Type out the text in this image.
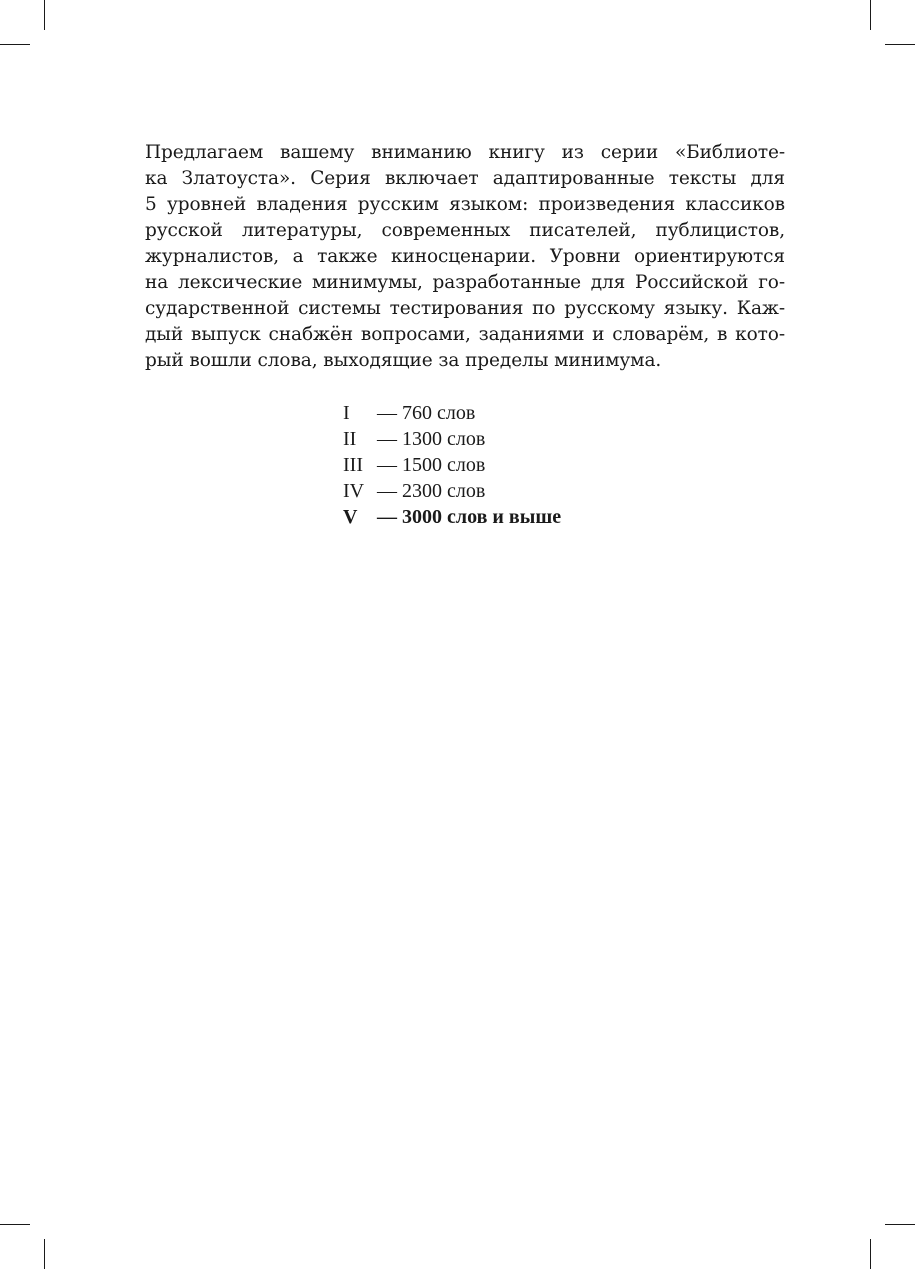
Предлагаем вашему вниманию книгу из серии «Библиоте-
ка Златоуста». Серия включает адаптированные тексты для
5 уровней владения русским языком: произведения классиков
русской литературы, современных писателей, публицистов,
журналистов, а также киносценарии. Уровни ориентируются
на лексические минимумы, разработанные для Российской го-
сударственной системы тестирования по русскому языку. Каж-
дый выпуск снабжён вопросами, заданиями и словарём, в кото-
рый вошли слова, выходящие за пределы минимума.

I	— 760 слов
II	— 1300 слов
III — 1500 слов
IV — 2300 слов
V — 3000 слов и выше
